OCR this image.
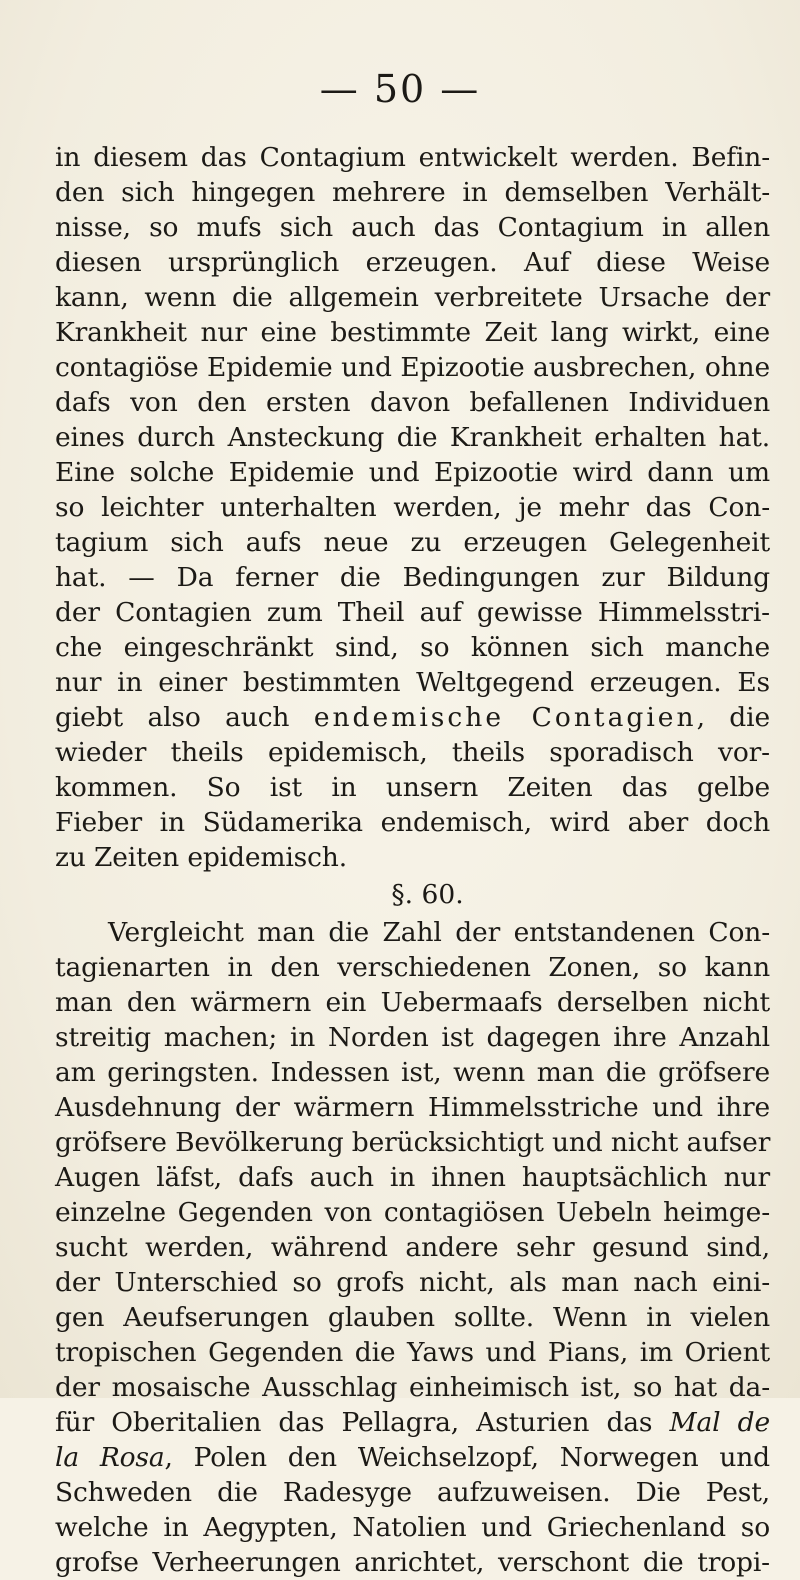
— 50 —
in diesem das Contagium entwickelt werden. Befin-
den sich hingegen mehrere in demselben Verhält-
nisse, so mufs sich auch das Contagium in allen
diesen ursprünglich erzeugen. Auf diese Weise
kann, wenn die allgemein verbreitete Ursache der
Krankheit nur eine bestimmte Zeit lang wirkt, eine
contagiöse Epidemie und Epizootie ausbrechen, ohne
dafs von den ersten davon befallenen Individuen
eines durch Ansteckung die Krankheit erhalten hat.
Eine solche Epidemie und Epizootie wird dann um
so leichter unterhalten werden, je mehr das Con-
tagium sich aufs neue zu erzeugen Gelegenheit
hat. — Da ferner die Bedingungen zur Bildung
der Contagien zum Theil auf gewisse Himmelsstri-
che eingeschränkt sind, so können sich manche
nur in einer bestimmten Weltgegend erzeugen. Es
giebt also auch endemische Contagien, die
wieder theils epidemisch, theils sporadisch vor-
kommen. So ist in unsern Zeiten das gelbe
Fieber in Südamerika endemisch, wird aber doch
zu Zeiten epidemisch.
§. 60.
Vergleicht man die Zahl der entstandenen Con-
tagienarten in den verschiedenen Zonen, so kann
man den wärmern ein Uebermaafs derselben nicht
streitig machen; in Norden ist dagegen ihre Anzahl
am geringsten. Indessen ist, wenn man die gröfsere
Ausdehnung der wärmern Himmelsstriche und ihre
gröfsere Bevölkerung berücksichtigt und nicht aufser
Augen läfst, dafs auch in ihnen hauptsächlich nur
einzelne Gegenden von contagiösen Uebeln heimge-
sucht werden, während andere sehr gesund sind,
der Unterschied so grofs nicht, als man nach eini-
gen Aeufserungen glauben sollte. Wenn in vielen
tropischen Gegenden die Yaws und Pians, im Orient
der mosaische Ausschlag einheimisch ist, so hat da-
für Oberitalien das Pellagra, Asturien das Mal de
la Rosa, Polen den Weichselzopf, Norwegen und
Schweden die Radesyge aufzuweisen. Die Pest,
welche in Aegypten, Natolien und Griechenland so
grofse Verheerungen anrichtet, verschont die tropi-
